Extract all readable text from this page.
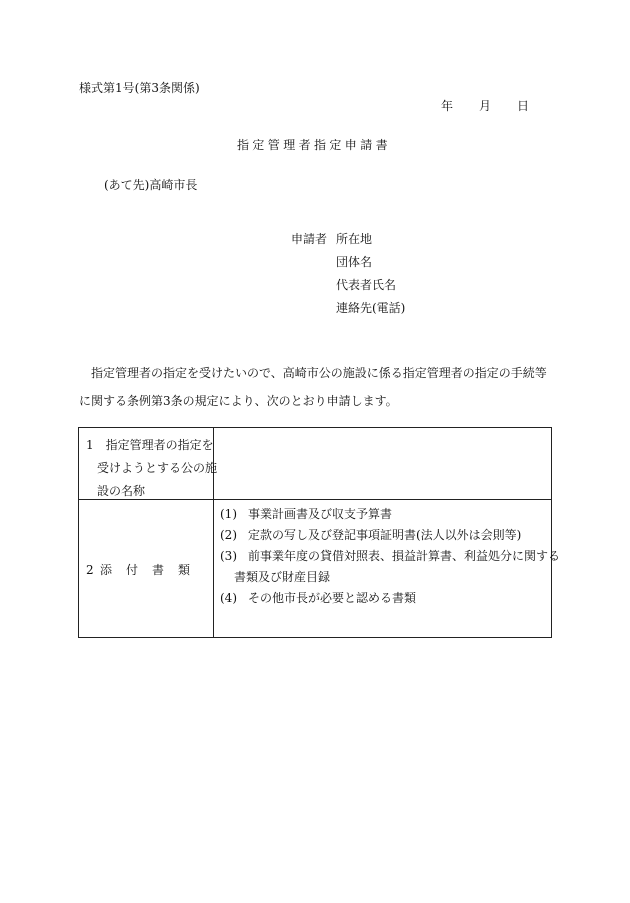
様式第1号(第3条関係)
年 月 日
指定管理者指定申請書
(あて先)高崎市長
申請者 所在地
団体名
代表者氏名
連絡先(電話)
指定管理者の指定を受けたいので、高崎市公の施設に係る指定管理者の指定の手続等に関する条例第3条の規定により、次のとおり申請します。
1　指定管理者の指定を
受けようとする公の施
設の名称
2 添 付 書 類
(1) 事業計画書及び収支予算書
(2) 定款の写し及び登記事項証明書(法人以外は会則等)
(3) 前事業年度の貸借対照表、損益計算書、利益処分に関する
書類及び財産目録
(4) その他市長が必要と認める書類
